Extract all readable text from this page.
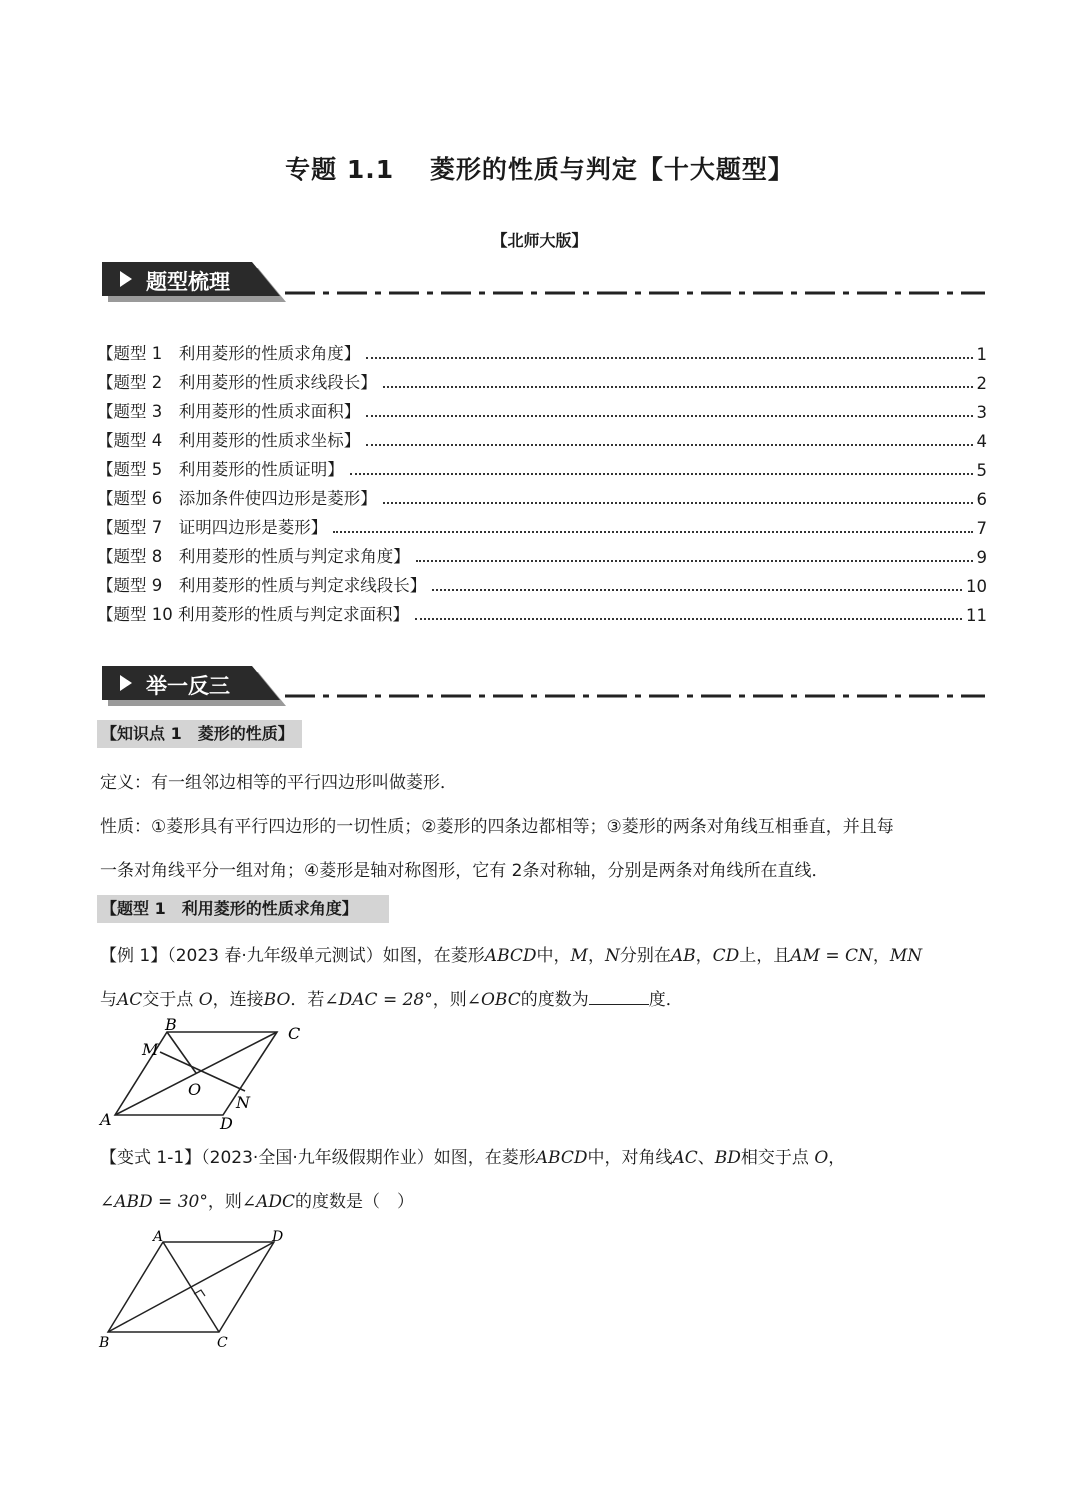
专题 1.1　 菱形的性质与判定【十大题型】
【北师大版】
题型梳理
【题型 1　利用菱形的性质求角度】	1
【题型 2　利用菱形的性质求线段长】	2
【题型 3　利用菱形的性质求面积】	3
【题型 4　利用菱形的性质求坐标】	4
【题型 5　利用菱形的性质证明】	5
【题型 6　添加条件使四边形是菱形】	6
【题型 7　证明四边形是菱形】	7
【题型 8　利用菱形的性质与判定求角度】	9
【题型 9　利用菱形的性质与判定求线段长】	10
【题型 10 利用菱形的性质与判定求面积】	11
举一反三
【知识点 1　菱形的性质】
定义：有一组邻边相等的平行四边形叫做菱形．
性质：①菱形具有平行四边形的一切性质；②菱形的四条边都相等；③菱形的两条对角线互相垂直，并且每
一条对角线平分一组对角；④菱形是轴对称图形，它有 2条对称轴，分别是两条对角线所在直线．
【题型 1　利用菱形的性质求角度】
【例 1】（2023 春·九年级单元测试）如图，在菱形ABCD中，M，N分别在AB，CD上，且AM = CN，MN
与AC交于点 O，连接BO．若∠DAC = 28°，则∠OBC的度数为	度．
A
B	C
D
M
N
O
【变式 1-1】（2023·全国·九年级假期作业）如图，在菱形ABCD中，对角线AC、BD相交于点 O，
∠ABD = 30°，则∠ADC的度数是（　）
A
B	C
D
